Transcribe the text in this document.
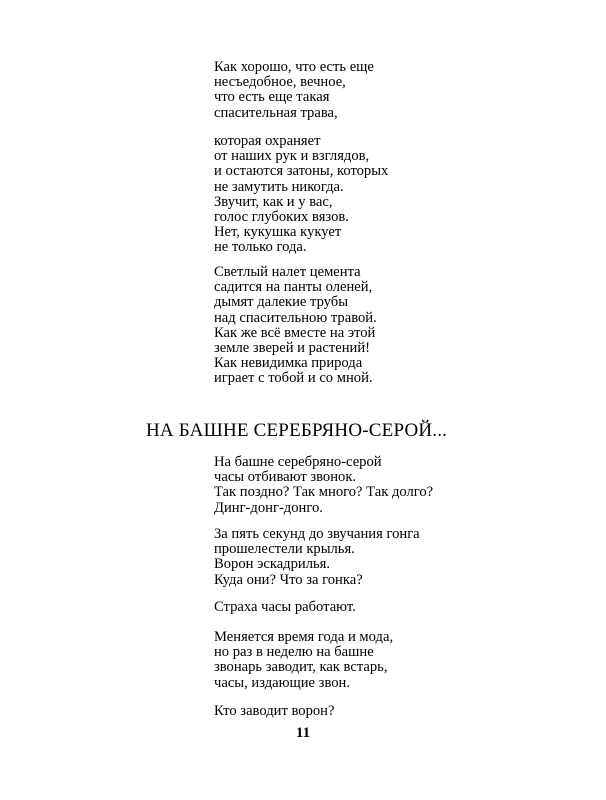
Как хорошо, что есть еще
несъедобное, вечное,
что есть еще такая
спасительная трава,
которая охраняет
от наших рук и взглядов,
и остаются затоны, которых
не замутить никогда.
Звучит, как и у вас,
голос глубоких вязов.
Нет, кукушка кукует
не только года.
Светлый налет цемента
садится на панты оленей,
дымят далекие трубы
над спасительною травой.
Как же всё вместе на этой
земле зверей и растений!
Как невидимка природа
играет с тобой и со мной.
НА БАШНЕ СЕРЕБРЯНО-СЕРОЙ...
На башне серебряно-серой
часы отбивают звонок.
Так поздно? Так много? Так долго?
Динг-донг-донго.
За пять секунд до звучания гонга
прошелестели крылья.
Ворон эскадрилья.
Куда они? Что за гонка?
Страха часы работают.
Меняется время года и мода,
но раз в неделю на башне
звонарь заводит, как встарь,
часы, издающие звон.
Кто заводит ворон?
11
